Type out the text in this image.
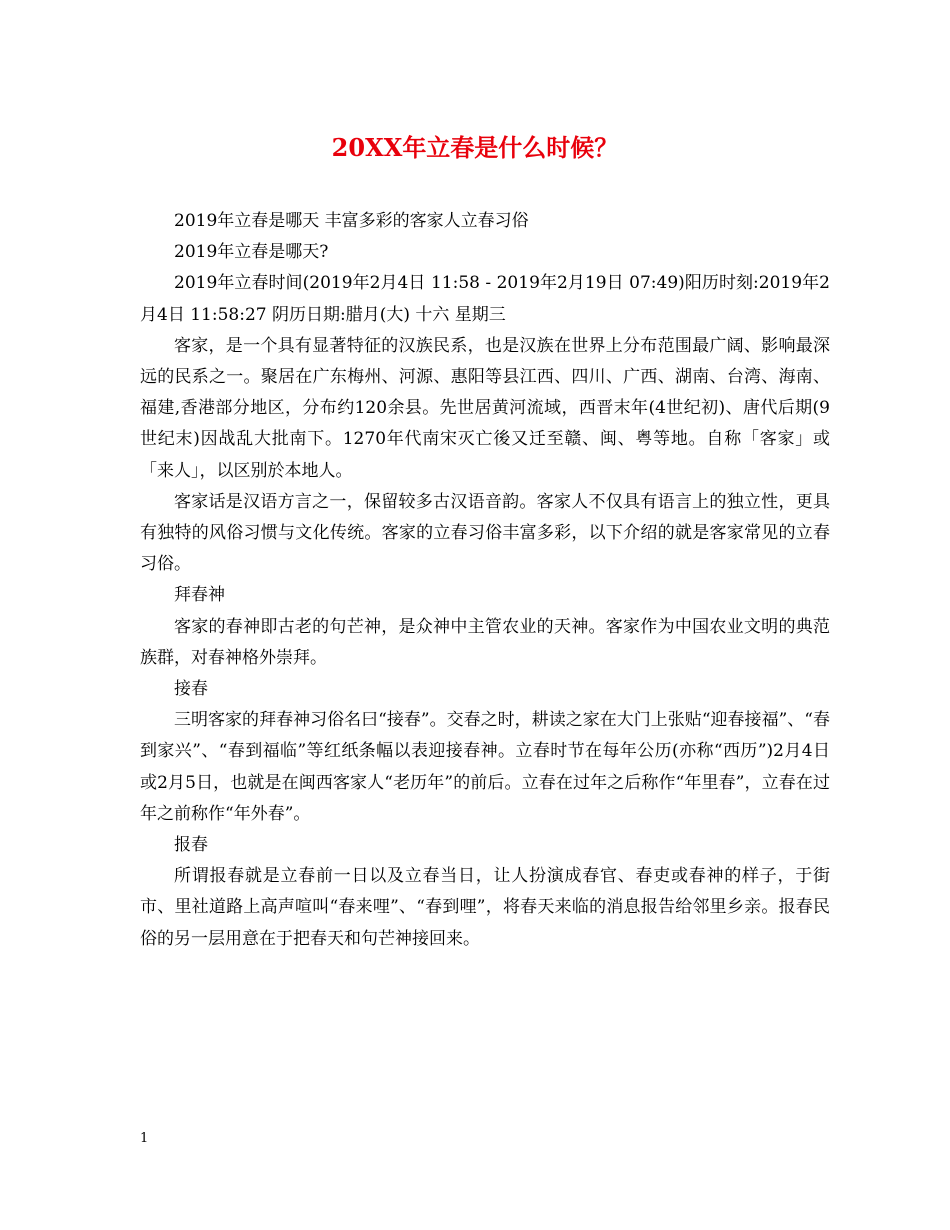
20XX年立春是什么时候？

2019年立春是哪天 丰富多彩的客家人立春习俗

2019年立春是哪天?

2019年立春时间(2019年2月4日 11:58 - 2019年2月19日 07:49)阳历时刻:2019年2月4日 11:58:27 阴历日期:腊月(大) 十六 星期三

客家，是一个具有显著特征的汉族民系，也是汉族在世界上分布范围最广阔、影响最深远的民系之一。聚居在广东梅州、河源、惠阳等县江西、四川、广西、湖南、台湾、海南、福建,香港部分地区，分布约120余县。先世居黄河流域，西晋末年(4世纪初)、唐代后期(9世纪末)因战乱大批南下。1270年代南宋灭亡後又迁至赣、闽、粤等地。自称「客家」或「来人」，以区别於本地人。

客家话是汉语方言之一，保留较多古汉语音韵。客家人不仅具有语言上的独立性，更具有独特的风俗习惯与文化传统。客家的立春习俗丰富多彩，以下介绍的就是客家常见的立春习俗。

拜春神

客家的春神即古老的句芒神，是众神中主管农业的天神。客家作为中国农业文明的典范族群，对春神格外崇拜。

接春

三明客家的拜春神习俗名曰“接春”。交春之时，耕读之家在大门上张贴“迎春接福”、“春到家兴”、“春到福临”等红纸条幅以表迎接春神。立春时节在每年公历(亦称“西历”)2月4日或2月5日，也就是在闽西客家人“老历年”的前后。立春在过年之后称作“年里春”，立春在过年之前称作“年外春”。

报春

所谓报春就是立春前一日以及立春当日，让人扮演成春官、春吏或春神的样子，于街市、里社道路上高声喧叫“春来哩”、“春到哩”，将春天来临的消息报告给邻里乡亲。报春民俗的另一层用意在于把春天和句芒神接回来。

1
